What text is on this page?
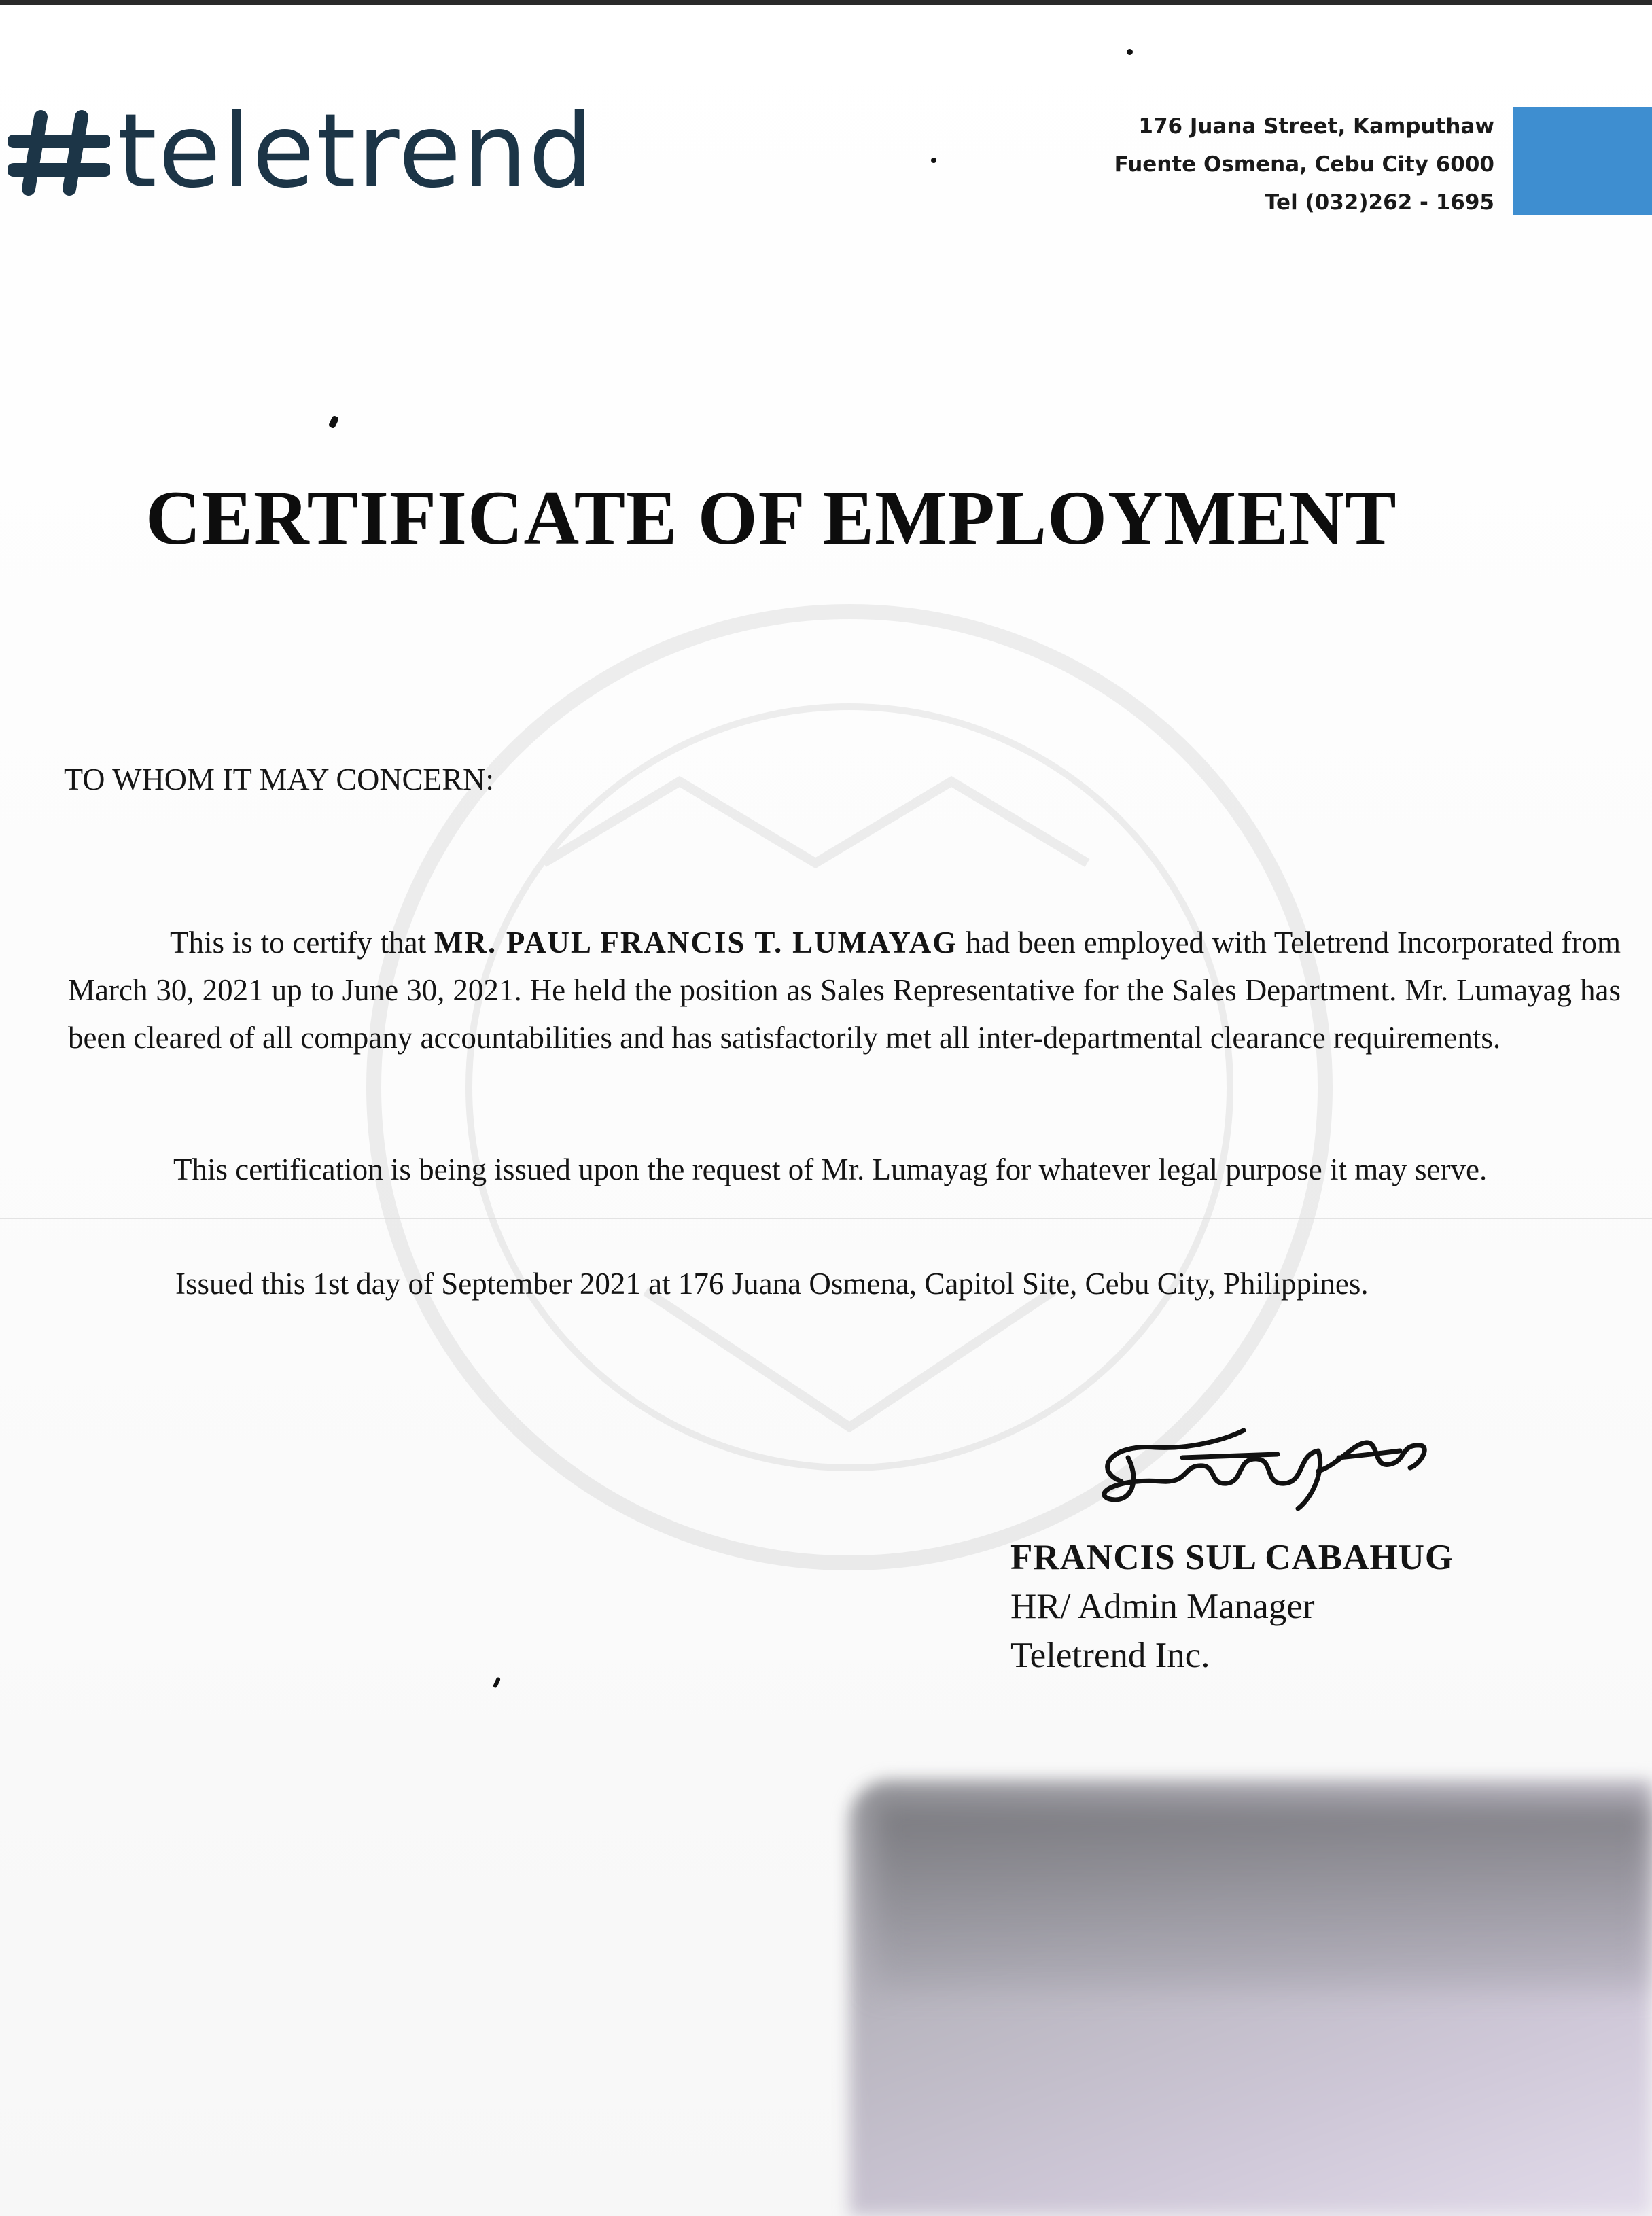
teletrend	176 Juana Street, Kamputhaw
Fuente Osmena, Cebu City 6000
Tel (032)262 - 1695
CERTIFICATE OF EMPLOYMENT
TO WHOM IT MAY CONCERN:
This is to certify that MR. PAUL FRANCIS T. LUMAYAG had been employed with Teletrend Incorporated from March 30, 2021 up to June 30, 2021. He held the position as Sales Representative for the Sales Department. Mr. Lumayag has been cleared of all company accountabilities and has satisfactorily met all inter-departmental clearance requirements.
This certification is being issued upon the request of Mr. Lumayag for whatever legal purpose it may serve.
Issued this 1st day of September 2021 at 176 Juana Osmena, Capitol Site, Cebu City, Philippines.
FRANCIS SUL CABAHUG
HR/ Admin Manager
Teletrend Inc.
